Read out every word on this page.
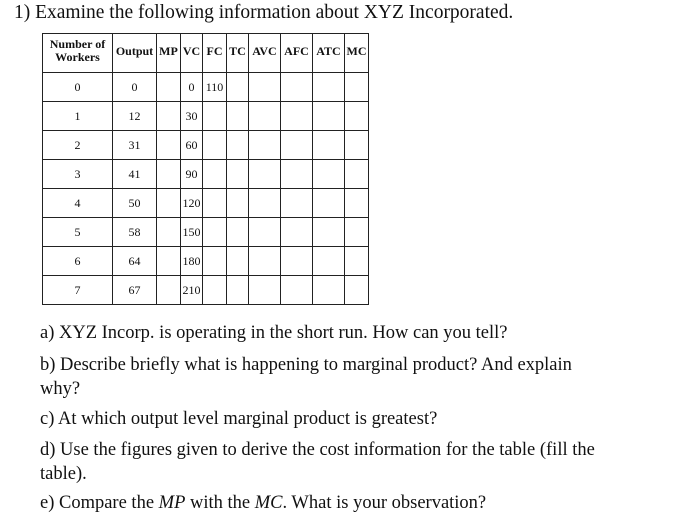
1) Examine the following information about XYZ Incorporated.
Number of Workers	Output	MP	VC	FC	TC	AVC	AFC	ATC	MC
0	0		0	110					
1	12		30						
2	31		60						
3	41		90						
4	50		120						
5	58		150						
6	64		180						
7	67		210						
a) XYZ Incorp. is operating in the short run. How can you tell?
b) Describe briefly what is happening to marginal product? And explain
why?
c) At which output level marginal product is greatest?
d) Use the figures given to derive the cost information for the table (fill the
table).
e) Compare the MP with the MC. What is your observation?
